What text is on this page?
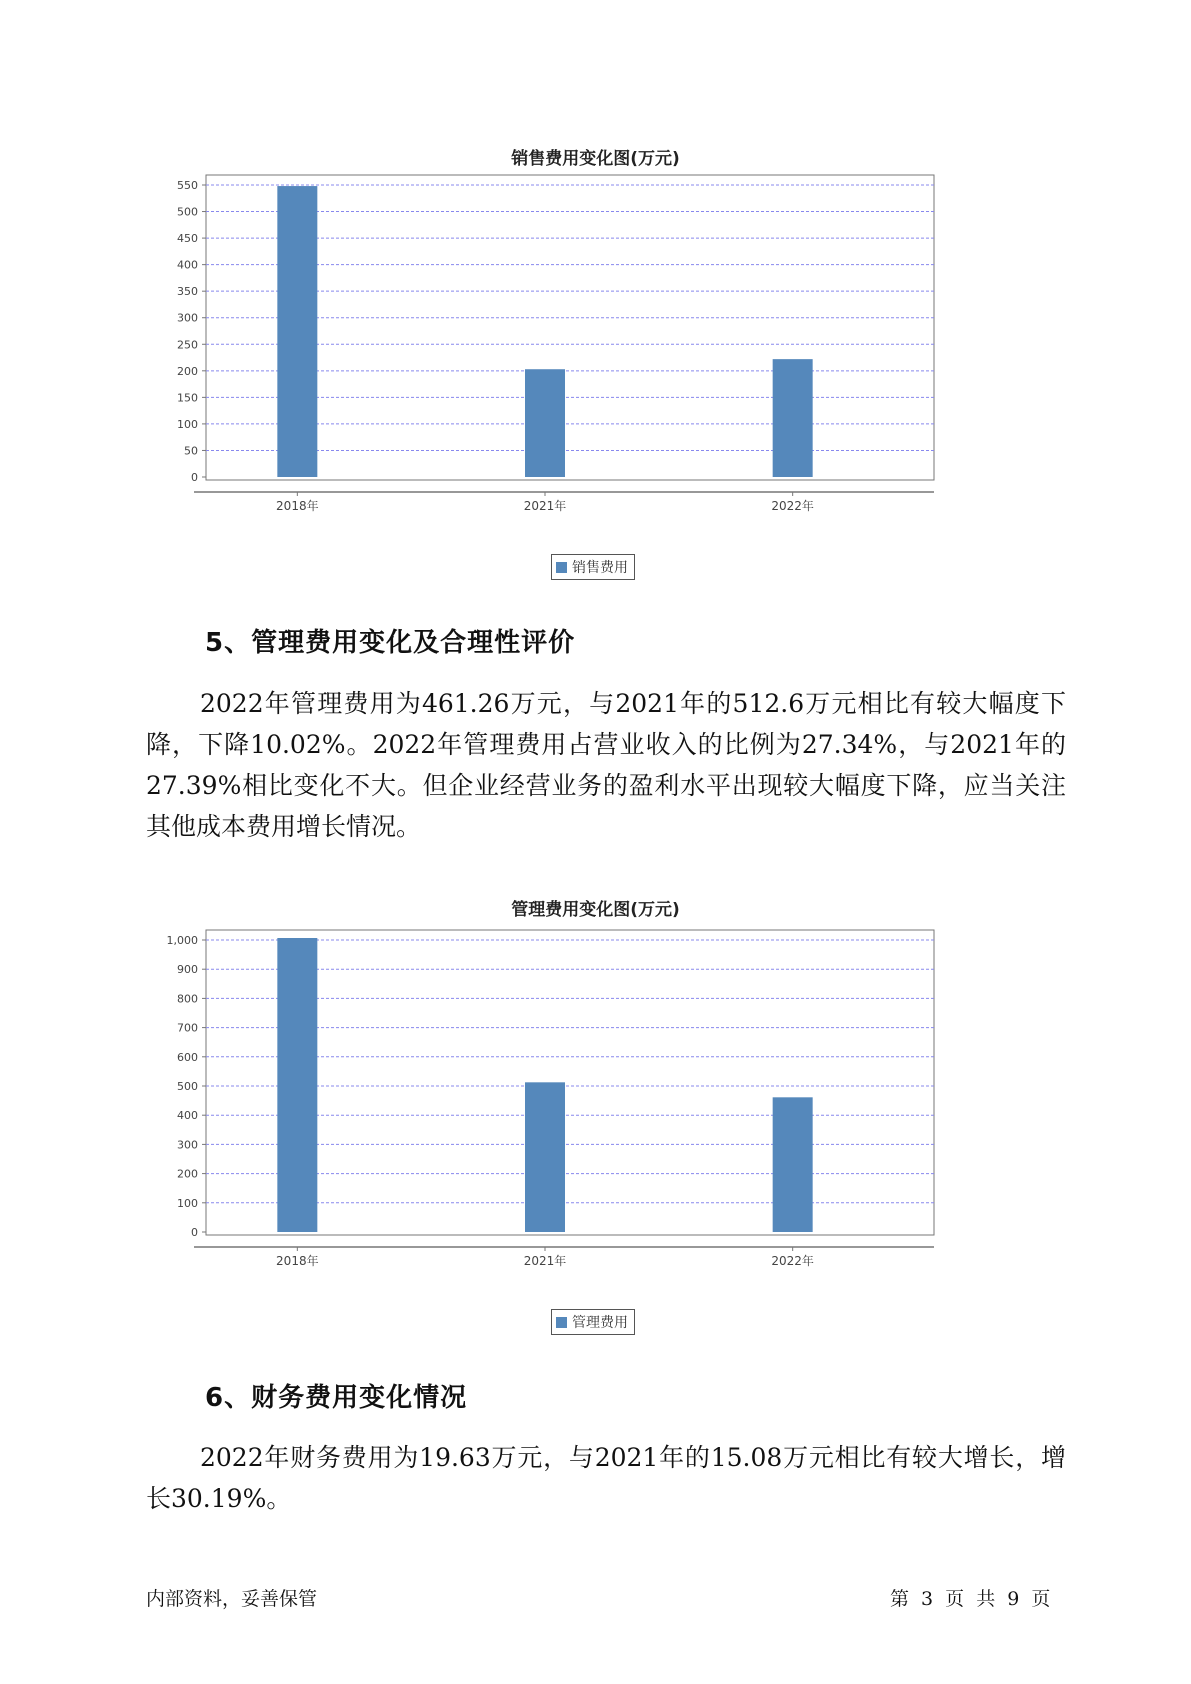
销售费用变化图(万元)
0
50
100
150
200
250
300
350
400
450
500
550
2018年	2021年	2022年
销售费用
5、管理费用变化及合理性评价

2022年管理费用为461.26万元，与2021年的512.6万元相比有较大幅度下降，下降10.02%。2022年管理费用占营业收入的比例为27.34%，与2021年的27.39%相比变化不大。但企业经营业务的盈利水平出现较大幅度下降，应当关注其他成本费用增长情况。

管理费用变化图(万元)
0
100
200
300
400
500
600
700
800
900
1,000
2018年	2021年	2022年
管理费用
6、财务费用变化情况

2022年财务费用为19.63万元，与2021年的15.08万元相比有较大增长，增长30.19%。

内部资料，妥善保管	第 3 页 共 9 页
